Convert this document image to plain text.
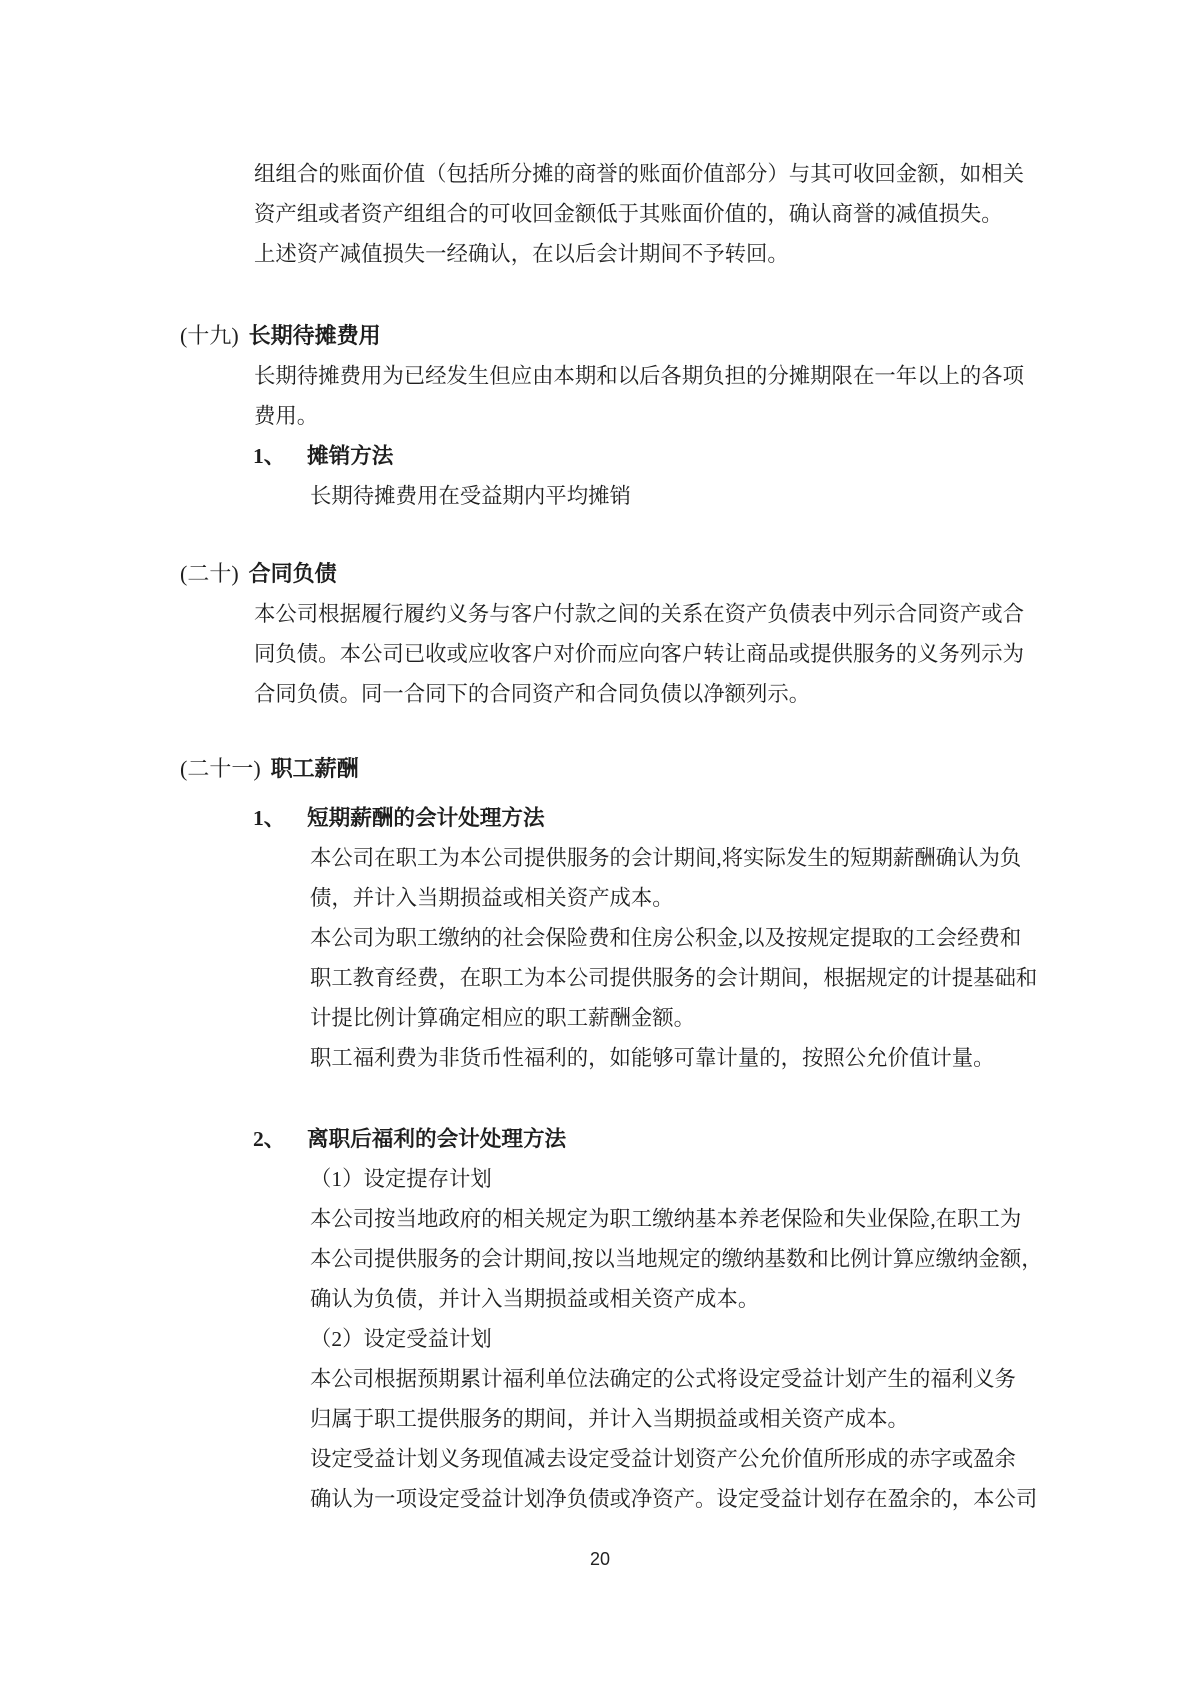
组组合的账面价值（包括所分摊的商誉的账面价值部分）与其可收回金额，如相关
资产组或者资产组组合的可收回金额低于其账面价值的，确认商誉的减值损失。
上述资产减值损失一经确认，在以后会计期间不予转回。
(十九) 长期待摊费用
长期待摊费用为已经发生但应由本期和以后各期负担的分摊期限在一年以上的各项
费用。
1、 摊销方法
长期待摊费用在受益期内平均摊销
(二十) 合同负债
本公司根据履行履约义务与客户付款之间的关系在资产负债表中列示合同资产或合
同负债。本公司已收或应收客户对价而应向客户转让商品或提供服务的义务列示为
合同负债。同一合同下的合同资产和合同负债以净额列示。
(二十一) 职工薪酬
1、 短期薪酬的会计处理方法
本公司在职工为本公司提供服务的会计期间,将实际发生的短期薪酬确认为负
债，并计入当期损益或相关资产成本。
本公司为职工缴纳的社会保险费和住房公积金,以及按规定提取的工会经费和
职工教育经费，在职工为本公司提供服务的会计期间，根据规定的计提基础和
计提比例计算确定相应的职工薪酬金额。
职工福利费为非货币性福利的，如能够可靠计量的，按照公允价值计量。
2、 离职后福利的会计处理方法
（1）设定提存计划
本公司按当地政府的相关规定为职工缴纳基本养老保险和失业保险,在职工为
本公司提供服务的会计期间,按以当地规定的缴纳基数和比例计算应缴纳金额，
确认为负债，并计入当期损益或相关资产成本。
（2）设定受益计划
本公司根据预期累计福利单位法确定的公式将设定受益计划产生的福利义务
归属于职工提供服务的期间，并计入当期损益或相关资产成本。
设定受益计划义务现值减去设定受益计划资产公允价值所形成的赤字或盈余
确认为一项设定受益计划净负债或净资产。设定受益计划存在盈余的，本公司
20
